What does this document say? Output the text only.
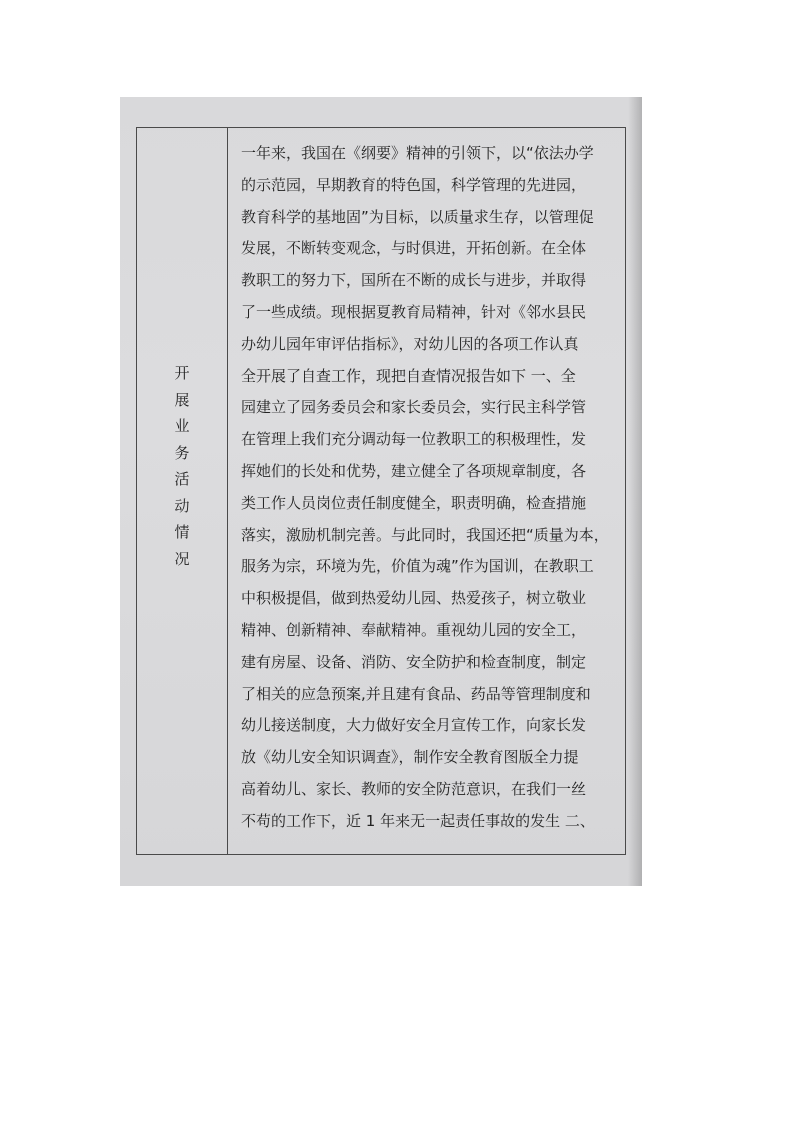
开展业务活动情况
一年来，我国在《纲要》精神的引领下，以“依法办学
的示范园，早期教育的特色国，科学管理的先进园，
教育科学的基地固”为目标，以质量求生存，以管理促
发展，不断转变观念，与时俱进，开拓创新。在全体
教职工的努力下，国所在不断的成长与进步，并取得
了一些成绩。现根据夏教育局精神，针对《邻水县民
办幼儿园年审评估指标》，对幼儿因的各项工作认真
全开展了自查工作，现把自查情况报告如下 一、全
园建立了园务委员会和家长委员会，实行民主科学管
在管理上我们充分调动每一位教职工的积极理性，发
挥她们的长处和优势，建立健全了各项规章制度，各
类工作人员岗位责任制度健全，职责明确，检查措施
落实，激励机制完善。与此同时，我国还把“质量为本，
服务为宗，环境为先，价值为魂”作为国训，在教职工
中积极提倡，做到热爱幼儿园、热爱孩子，树立敬业
精神、创新精神、奉献精神。重视幼儿园的安全工，
建有房屋、设备、消防、安全防护和检查制度，制定
了相关的应急预案,并且建有食品、药品等管理制度和
幼儿接送制度，大力做好安全月宣传工作，向家长发
放《幼儿安全知识调查》，制作安全教育图版全力提
高着幼儿、家长、教师的安全防范意识，在我们一丝
不苟的工作下，近 1 年来无一起责任事故的发生 二、
